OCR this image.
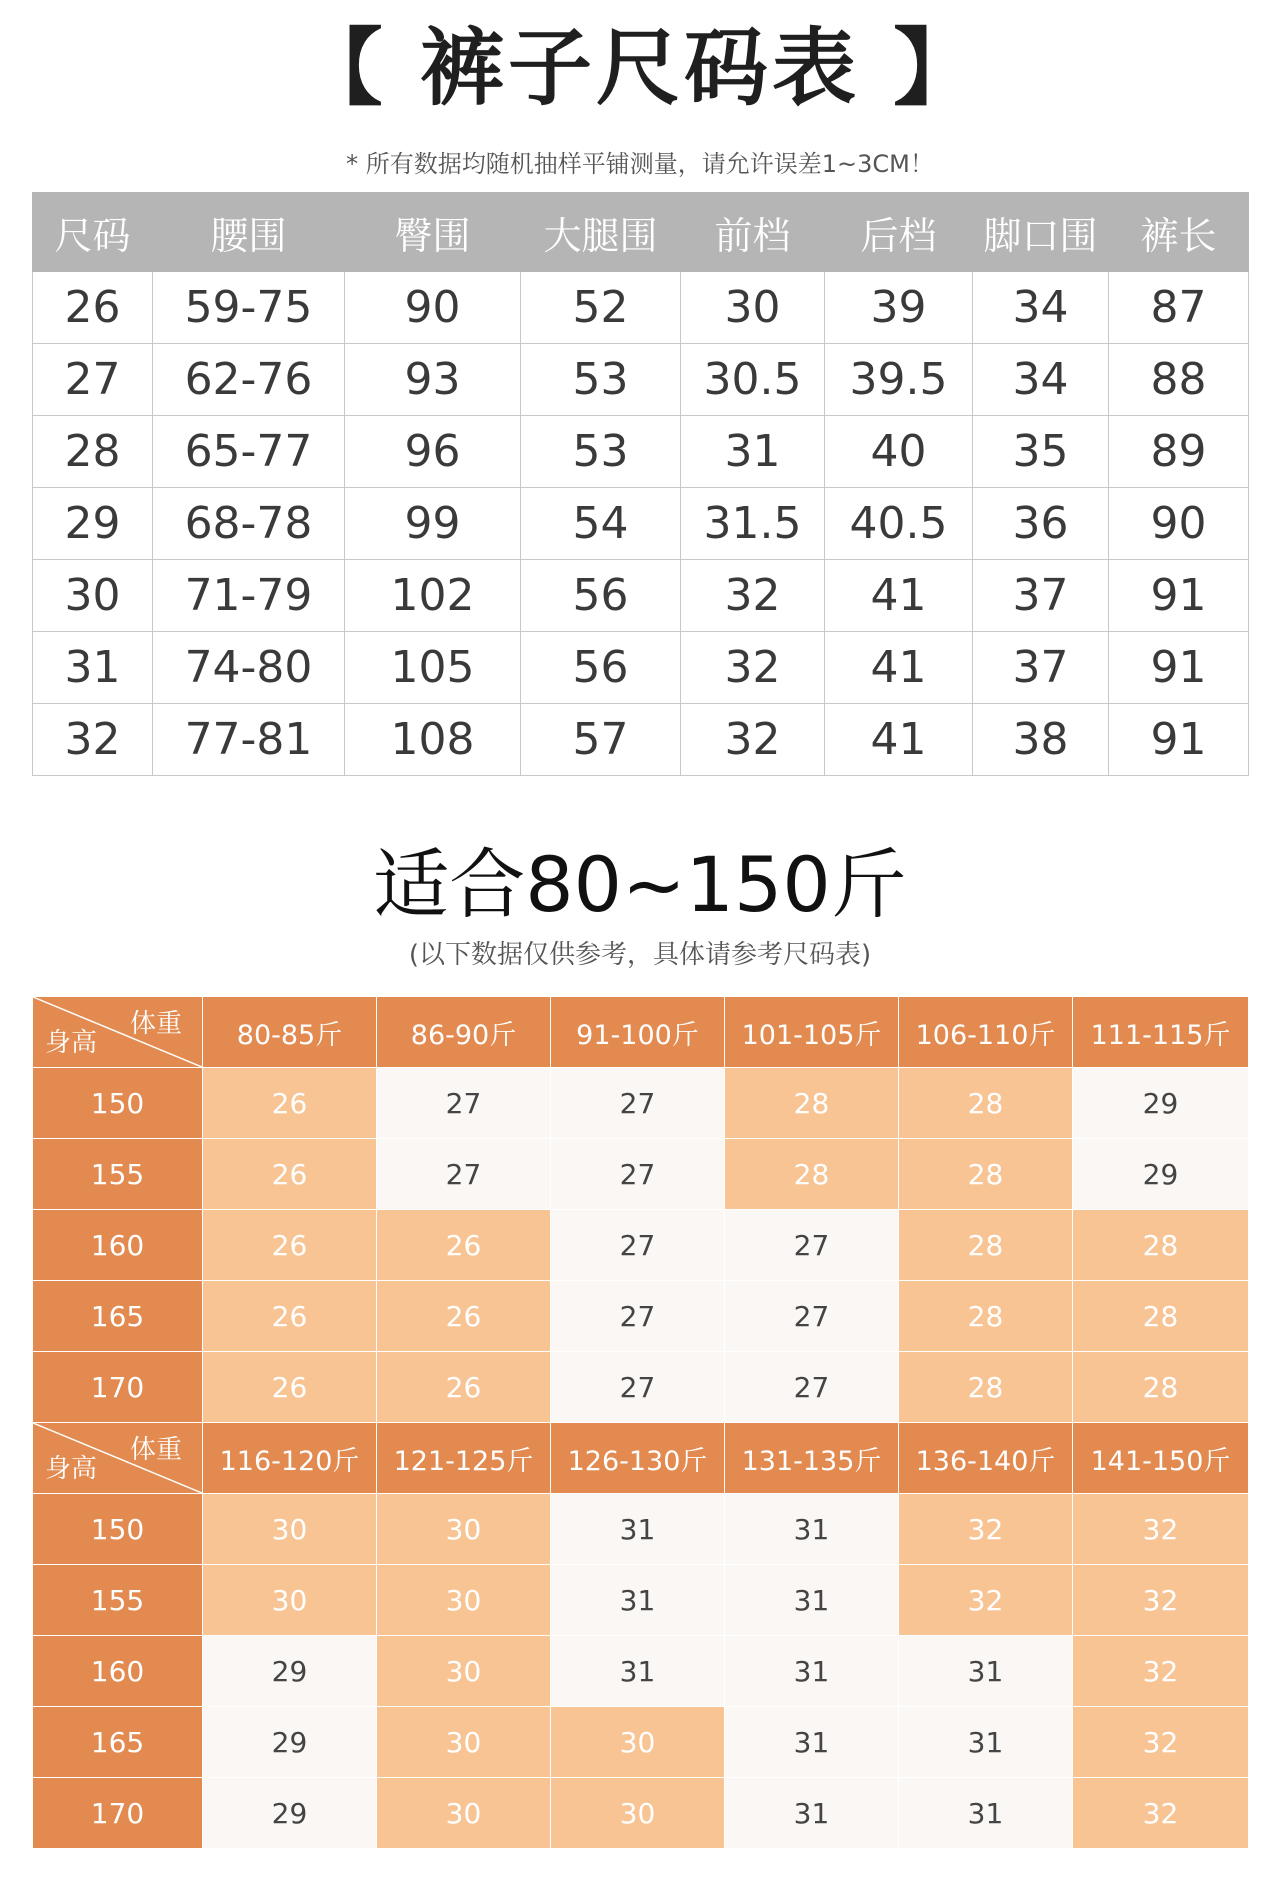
【 裤子尺码表 】
* 所有数据均随机抽样平铺测量，请允许误差1~3CM！
尺码	腰围	臀围	大腿围	前档	后档	脚口围	裤长
26	59-75	90	52	30	39	34	87
27	62-76	93	53	30.5	39.5	34	88
28	65-77	96	53	31	40	35	89
29	68-78	99	54	31.5	40.5	36	90
30	71-79	102	56	32	41	37	91
31	74-80	105	56	32	41	37	91
32	77-81	108	57	32	41	38	91
适合80~150斤
(以下数据仅供参考，具体请参考尺码表)
体重
身高	80-85斤	86-90斤	91-100斤	101-105斤	106-110斤	111-115斤
150	26	27	27	28	28	29
155	26	27	27	28	28	29
160	26	26	27	27	28	28
165	26	26	27	27	28	28
170	26	26	27	27	28	28

体重
身高	116-120斤	121-125斤	126-130斤	131-135斤	136-140斤	141-150斤
150	30	30	31	31	32	32
155	30	30	31	31	32	32
160	29	30	31	31	31	32
165	29	30	30	31	31	32
170	29	30	30	31	31	32
